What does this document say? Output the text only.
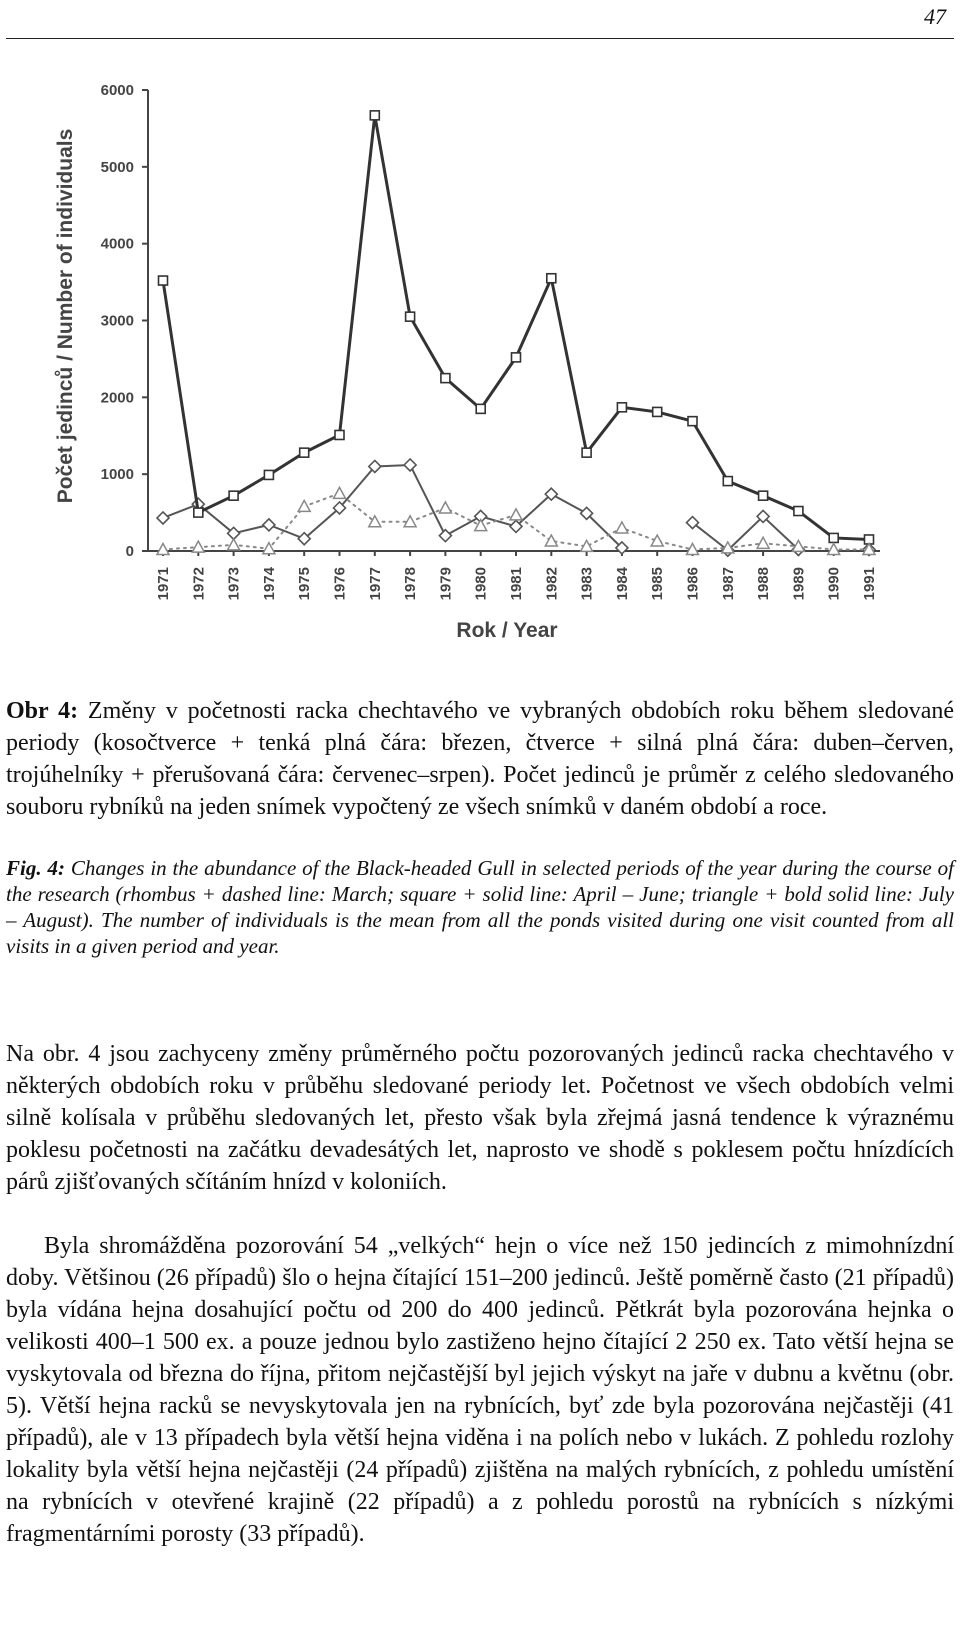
47
0
1000
2000
3000
4000
5000
6000
1971 1972 1973 1974 1975 1976 1977 1978 1979 1980 1981 1982 1983 1984 1985 1986 1987 1988 1989 1990 1991
Počet jedinců / Number of individuals
Rok / Year

Obr 4: Změny v početnosti racka chechtavého ve vybraných obdobích roku během sledované periody (kosočtverce + tenká plná čára: březen, čtverce + silná plná čára: duben–červen, trojúhelníky + přerušovaná čára: červenec–srpen). Počet jedinců je průměr z celého sledovaného souboru rybníků na jeden snímek vypočtený ze všech snímků v daném období a roce.

Fig. 4: Changes in the abundance of the Black-headed Gull in selected periods of the year during the course of the research (rhombus + dashed line: March; square + solid line: April – June; triangle + bold solid line: July – August). The number of individuals is the mean from all the ponds visited during one visit counted from all visits in a given period and year.

Na obr. 4 jsou zachyceny změny průměrného počtu pozorovaných jedinců racka chechtavého v některých obdobích roku v průběhu sledované periody let. Početnost ve všech obdobích velmi silně kolísala v průběhu sledovaných let, přesto však byla zřejmá jasná tendence k výraznému poklesu početnosti na začátku devadesátých let, naprosto ve shodě s poklesem počtu hnízdících párů zjišťovaných sčítáním hnízd v koloniích.

Byla shromážděna pozorování 54 „velkých“ hejn o více než 150 jedincích z mimohnízdní doby. Většinou (26 případů) šlo o hejna čítající 151–200 jedinců. Ještě poměrně často (21 případů) byla vídána hejna dosahující počtu od 200 do 400 jedinců. Pětkrát byla pozorována hejnka o velikosti 400–1 500 ex. a pouze jednou bylo zastiženo hejno čítající 2 250 ex. Tato větší hejna se vyskytovala od března do října, přitom nejčastější byl jejich výskyt na jaře v dubnu a květnu (obr. 5). Větší hejna racků se nevyskytovala jen na rybnících, byť zde byla pozorována nejčastěji (41 případů), ale v 13 případech byla větší hejna viděna i na polích nebo v lukách. Z pohledu rozlohy lokality byla větší hejna nejčastěji (24 případů) zjištěna na malých rybnících, z pohledu umístění na rybnících v otevřené krajině (22 případů) a z pohledu porostů na rybnících s nízkými fragmentárními porosty (33 případů).
